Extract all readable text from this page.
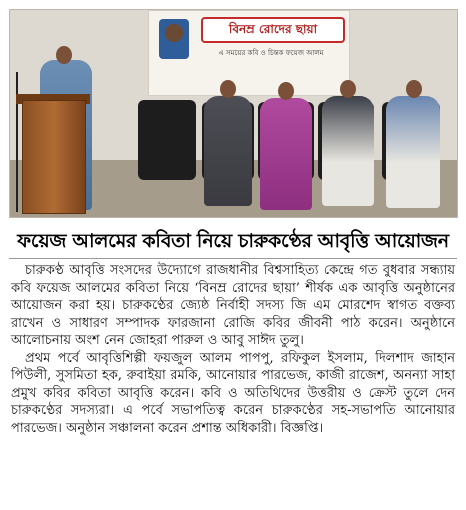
বিনম্র রোদের ছায়া
এ সময়ের কবি ও চিন্তক ফয়েজ আলম
ফয়েজ আলমের কবিতা নিয়ে চারুকণ্ঠের আবৃত্তি আয়োজন

চারুকণ্ঠ আবৃত্তি সংসদের উদ্যোগে রাজধানীর বিশ্বসাহিত্য কেন্দ্রে গত বুধবার সন্ধ্যায় কবি ফয়েজ আলমের কবিতা নিয়ে ‘বিনম্র রোদের ছায়া’ শীর্ষক এক আবৃত্তি অনুষ্ঠানের আয়োজন করা হয়। চারুকণ্ঠের জ্যেষ্ঠ নির্বাহী সদস্য জি এম মোরশেদ স্বাগত বক্তব্য রাখেন ও সাধারণ সম্পাদক ফারজানা রোজি কবির জীবনী পাঠ করেন। অনুষ্ঠানে আলোচনায় অংশ নেন জোহরা পারুল ও আবু সাঈদ তুলু।

প্রথম পর্বে আবৃত্তিশিল্পী ফয়জুল আলম পাপপু, রফিকুল ইসলাম, দিলশাদ জাহান পিউলী, সুসমিতা হক, রুবাইয়া রমকি, আনোয়ার পারভেজ, কাজী রাজেশ, অনন্যা সাহা প্রমুখ কবির কবিতা আবৃত্তি করেন। কবি ও অতিথিদের উত্তরীয় ও ক্রেস্ট তুলে দেন চারুকণ্ঠের সদস্যরা। এ পর্বে সভাপতিত্ব করেন চারুকণ্ঠের সহ-সভাপতি আনোয়ার পারভেজ। অনুষ্ঠান সঞ্চালনা করেন প্রশান্ত অধিকারী। বিজ্ঞপ্তি।
